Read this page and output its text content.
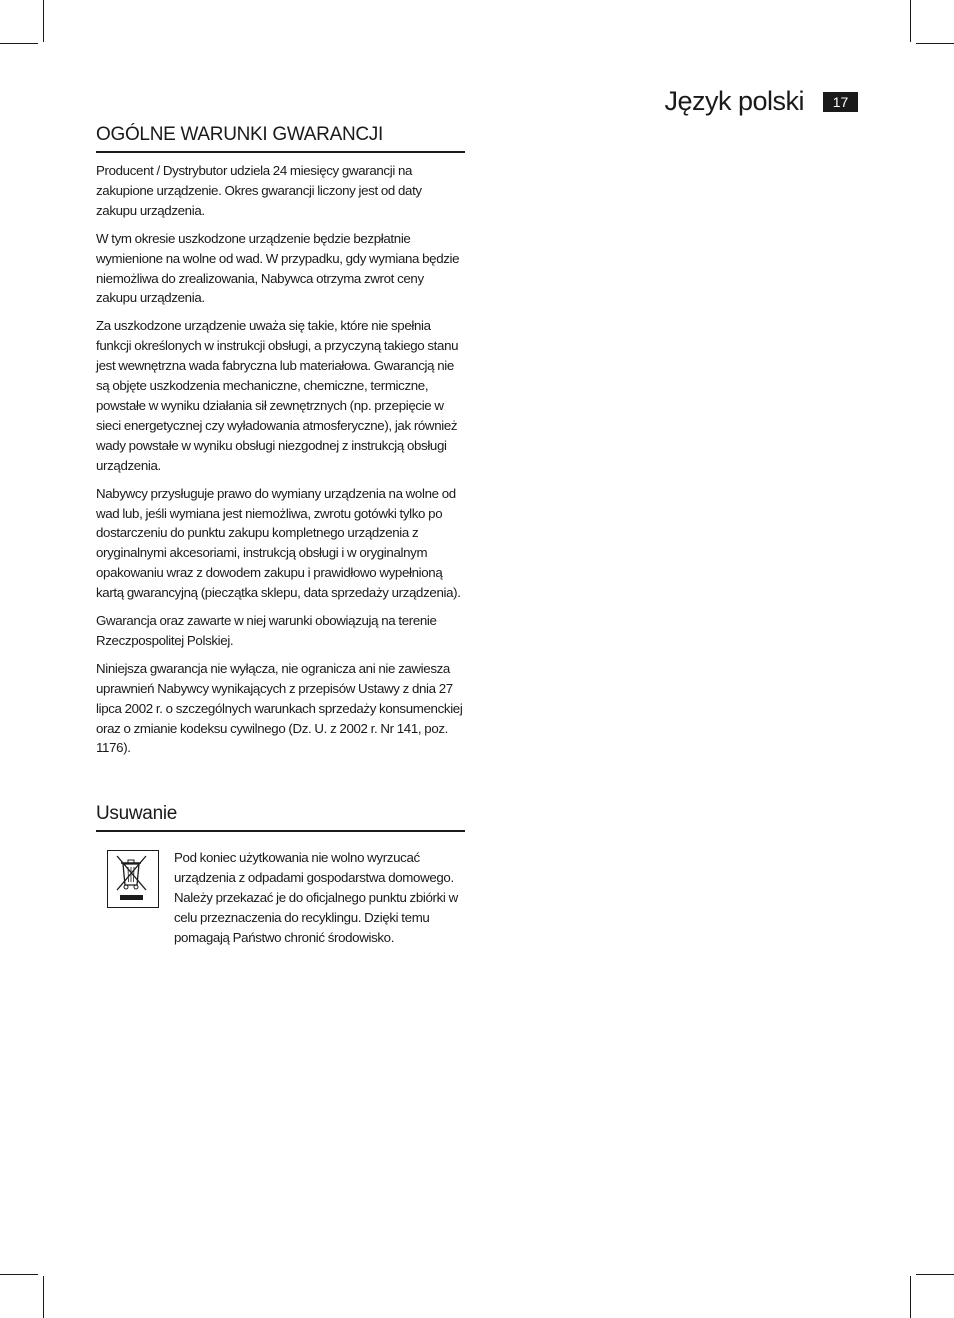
Język polski	17
OGÓLNE WARUNKI GWARANCJI

Producent / Dystrybutor udziela 24 miesięcy gwarancji na zakupione urządzenie. Okres gwarancji liczony jest od daty zakupu urządzenia.

W tym okresie uszkodzone urządzenie będzie bezpłatnie wymienione na wolne od wad. W przypadku, gdy wymiana będzie niemożliwa do zrealizowania, Nabywca otrzyma zwrot ceny zakupu urządzenia.

Za uszkodzone urządzenie uważa się takie, które nie spełnia funkcji określonych w instrukcji obsługi, a przyczyną takiego stanu jest wewnętrzna wada fabryczna lub materiałowa. Gwarancją nie są objęte uszkodzenia mechaniczne, chemiczne, termiczne, powstałe w wyniku działania sił zewnętrznych (np. przepięcie w sieci energetycznej czy wyładowania atmosferyczne), jak również wady powstałe w wyniku obsługi niezgodnej z instrukcją obsługi urządzenia.

Nabywcy przysługuje prawo do wymiany urządzenia na wolne od wad lub, jeśli wymiana jest niemożliwa, zwrotu gotówki tylko po dostarczeniu do punktu zakupu kompletnego urządzenia z oryginalnymi akcesoriami, instrukcją obsługi i w oryginalnym opakowaniu wraz z dowodem zakupu i prawidłowo wypełnioną kartą gwarancyjną (pieczątka sklepu, data sprzedaży urządzenia).

Gwarancja oraz zawarte w niej warunki obowiązują na terenie Rzeczpospolitej Polskiej.

Niniejsza gwarancja nie wyłącza, nie ogranicza ani nie zawiesza uprawnień Nabywcy wynikających z przepisów Ustawy z dnia 27 lipca 2002 r. o szczególnych warunkach sprzedaży konsumenckiej oraz o zmianie kodeksu cywilnego (Dz. U. z 2002 r. Nr 141, poz. 1176).

Usuwanie
Pod koniec użytkowania nie wolno wyrzucać urządzenia z odpadami gospodarstwa domowego. Należy przekazać je do oficjalnego punktu zbiórki w celu przeznaczenia do recyklingu. Dzięki temu pomagają Państwo chronić środowisko.
